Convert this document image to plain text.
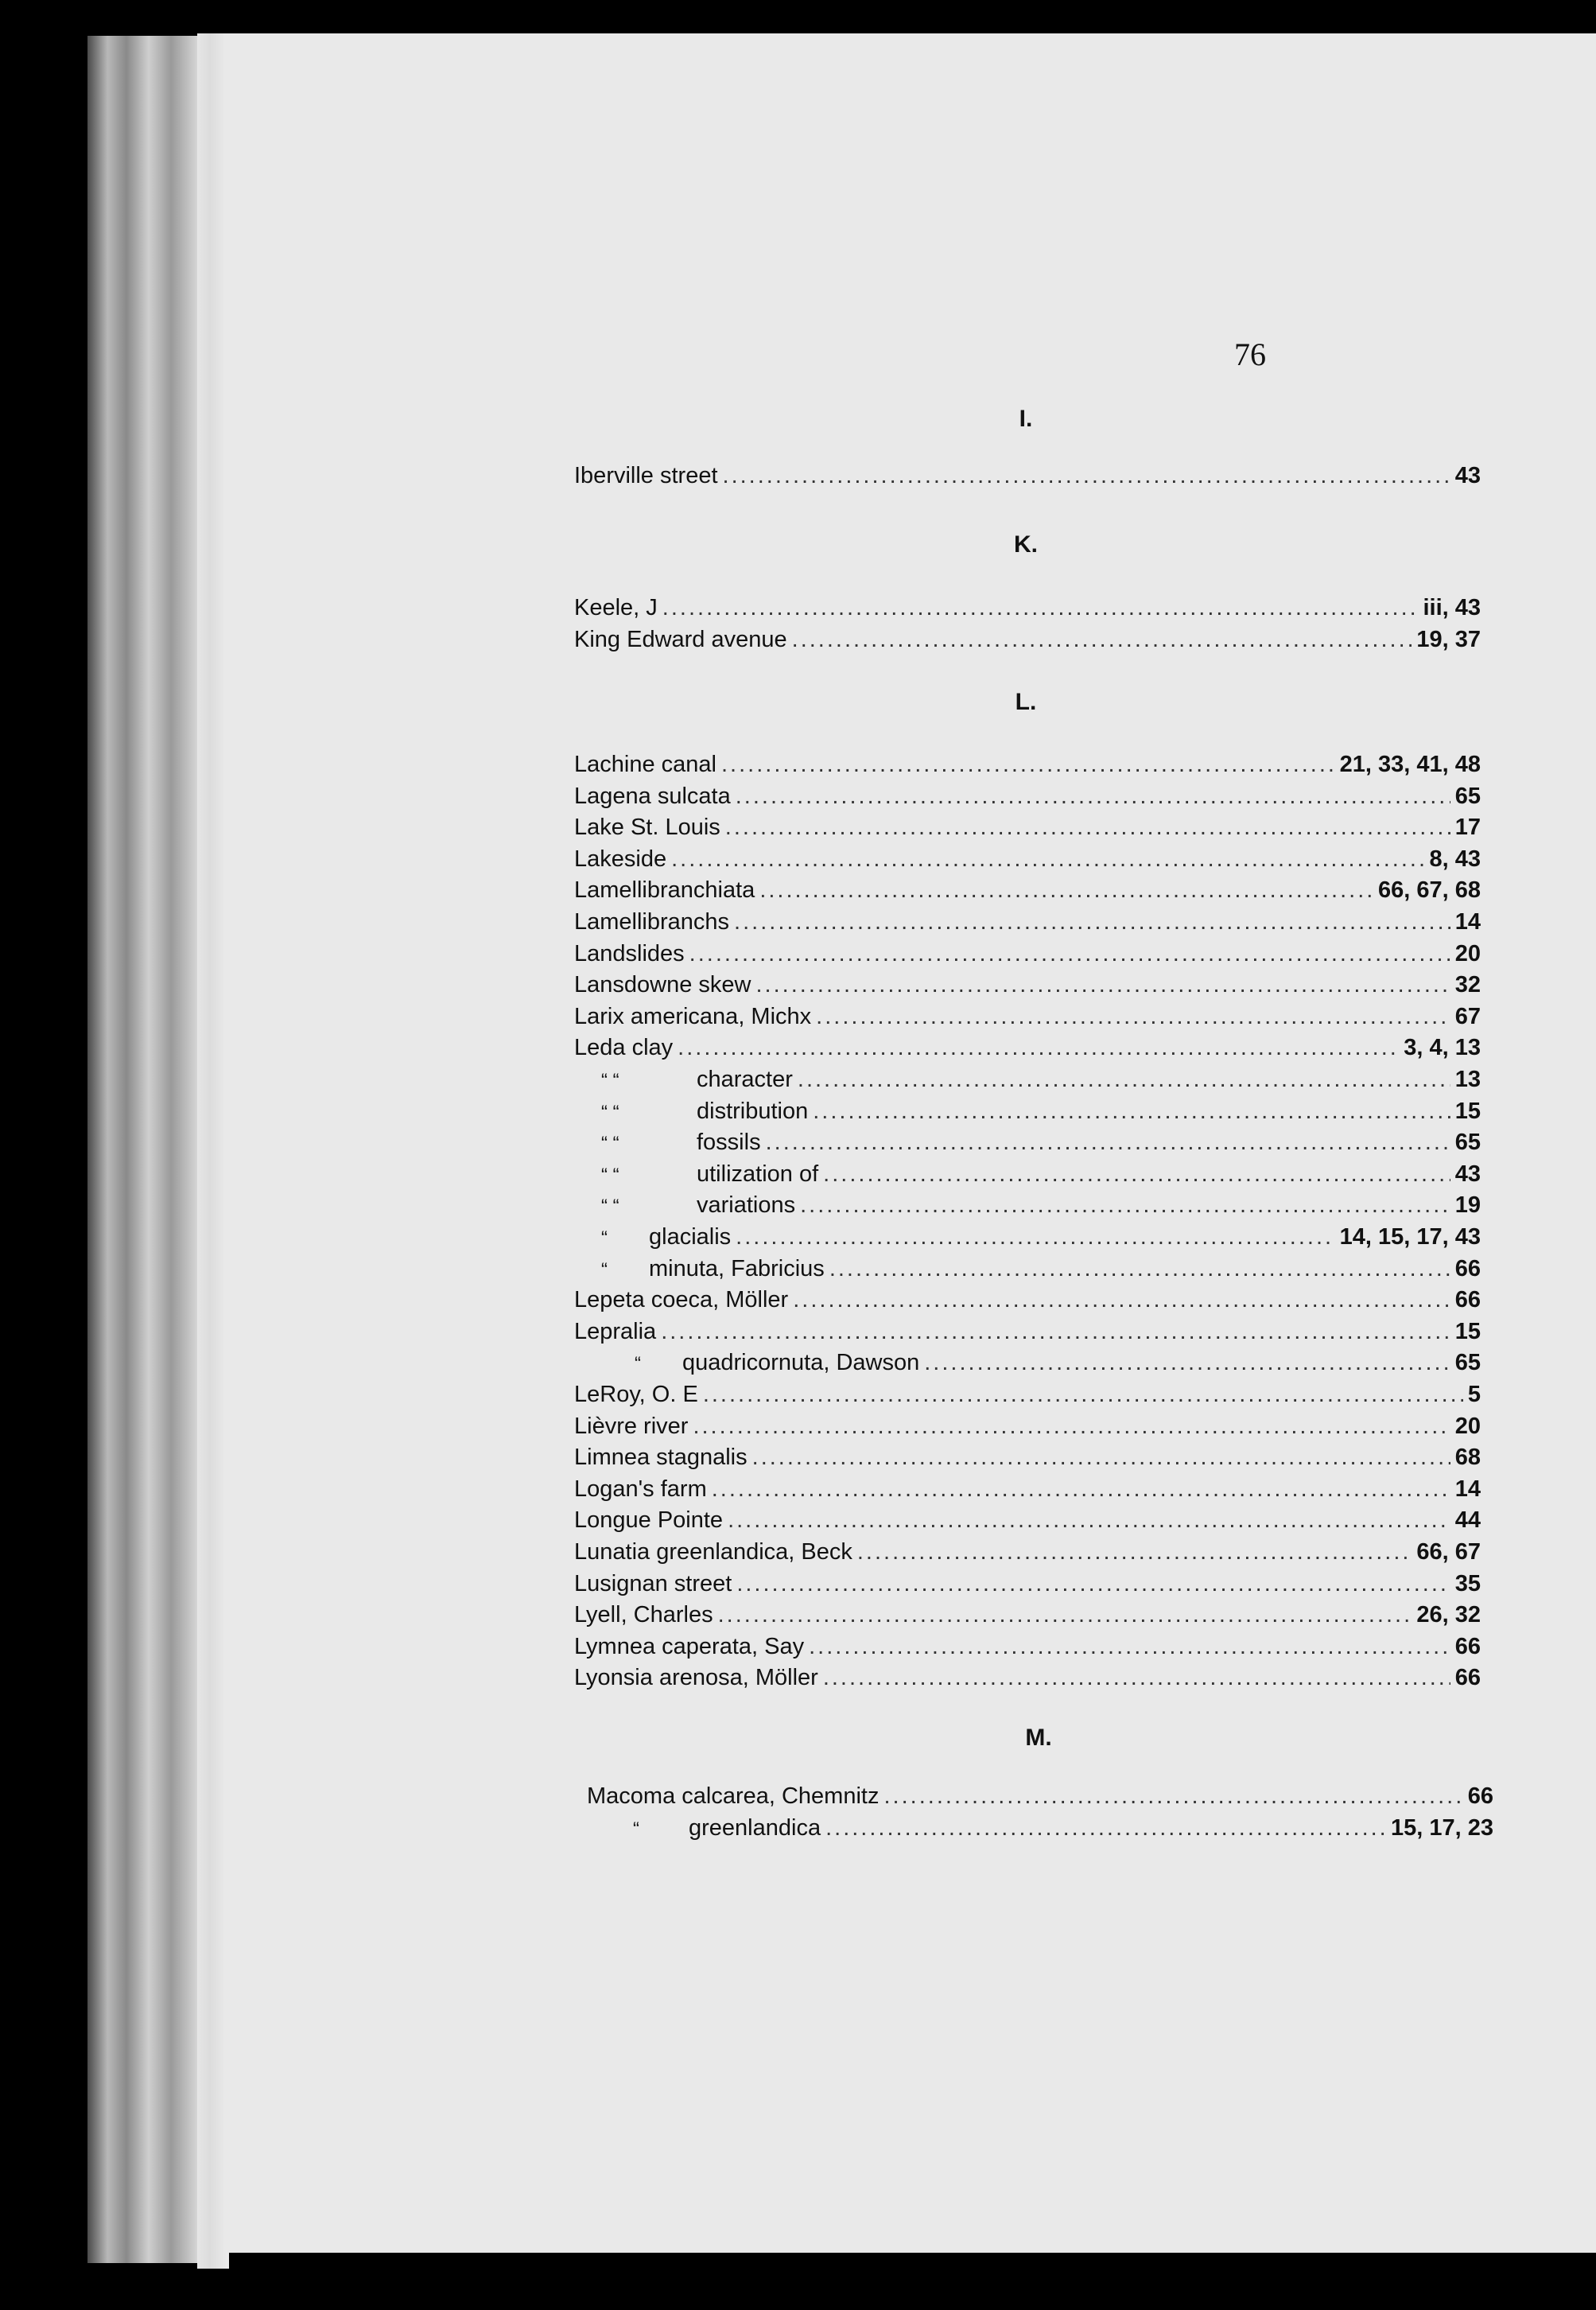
76
I.
Iberville street .....	43
K.
Keele, J .....	iii, 43
King Edward avenue .....	19, 37
L.
Lachine canal .....	21, 33, 41, 48
Lagena sulcata .....	65
Lake St. Louis .....	17
Lakeside .....	8, 43
Lamellibranchiata .....	66, 67, 68
Lamellibranchs .....	14
Landslides .....	20
Lansdowne skew .....	32
Larix americana, Michx .....	67
Leda clay .....	3, 4, 13
“ “	character .....	13
“ “	distribution .....	15
“ “	fossils .....	65
“ “	utilization of .....	43
“ “	variations .....	19
“	glacialis .....	14, 15, 17, 43
“	minuta, Fabricius .....	66
Lepeta coeca, Möller .....	66
Lepralia .....	15
“	quadricornuta, Dawson .....	65
LeRoy, O. E .....	5
Lièvre river .....	20
Limnea stagnalis .....	68
Logan's farm .....	14
Longue Pointe .....	44
Lunatia greenlandica, Beck .....	66, 67
Lusignan street .....	35
Lyell, Charles .....	26, 32
Lymnea caperata, Say .....	66
Lyonsia arenosa, Möller .....	66
M.
Macoma calcarea, Chemnitz .....	66
“	greenlandica .....	15, 17, 23
